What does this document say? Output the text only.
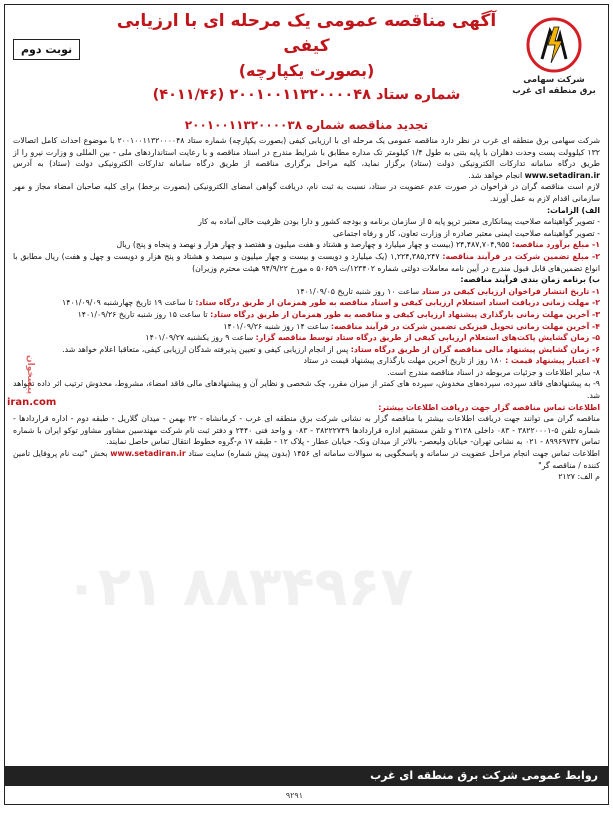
شرکت سهامی
برق منطقه ای غرب
آگهی مناقصه عمومی یک مرحله ای با ارزیابی کیفی
(بصورت یکپارچه)
شماره ستاد ۲۰۰۱۰۰۱۱۳۲۰۰۰۰۴۸ (۴۰۱۱/۴۶)
نوبت دوم
تجدید مناقصه شماره ۲۰۰۱۰۰۱۱۳۲۰۰۰۰۳۸

شرکت سهامی برق منطقه ای غرب در نظر دارد مناقصه عمومی یک مرحله ای با ارزیابی کیفی (بصورت یکپارچه) شماره ستاد ۲۰۰۱۰۰۱۱۳۲۰۰۰۰۴۸ با موضوع احداث کامل اتصالات ۱۳۲ کیلوولت پست وحدت دهلران با پایه بتنی به طول ۱/۴ کیلومتر تک مداره مطابق با شرایط مندرج در اسناد مناقصه و با رعایت استانداردهای ملی - بین المللی و وزارت نیرو را از طریق درگاه سامانه تدارکات الکترونیکی دولت (ستاد) برگزار نماید، کلیه مراحل برگزاری مناقصه از طریق درگاه سامانه تدارکات الکترونیکی دولت (ستاد) به آدرس www.setadiran.ir انجام خواهد شد.

لازم است مناقصه گران در فراخوان در صورت عدم عضویت در ستاد، نسبت به ثبت نام، دریافت گواهی امضای الکترونیکی (بصورت برخط) برای کلیه صاحبان امضاء مجاز و مهر سازمانی اقدام لازم به عمل آورند.

الف) الزامات:

- تصویر گواهینامه صلاحیت پیمانکاری معتبر ترپو پایه ۵ از سازمان برنامه و بودجه کشور و دارا بودن ظرفیت خالی آماده به کار

- تصویر گواهینامه صلاحیت ایمنی معتبر صادره از وزارت تعاون، کار و رفاه اجتماعی

۱- مبلغ برآورد مناقصه: ۲۴,۴۸۷,۷۰۴,۹۵۵ (بیست و چهار میلیارد و چهارصد و هشتاد و هفت میلیون و هفتصد و چهار هزار و نهصد و پنجاه و پنج) ریال

۲- مبلغ تضمین شرکت در فرآیند مناقصه: ۱,۲۲۴,۳۸۵,۲۴۷ (یک میلیارد و دویست و بیست و چهار میلیون و سیصد و هشتاد و پنج هزار و دویست و چهل و هفت) ریال مطابق با انواع تضمین‌های قابل قبول مندرج در آیین نامه معاملات دولتی شماره ۱۲۳۴۰۲/ت ۵۰۶۵۹ ه مورخ ۹۴/۹/۲۲ هیئت محترم وزیران)

ب) برنامه زمان بندی فرآیند مناقصه:

۱- تاریخ انتشار فراخوان ارزیابی کیفی در ستاد ساعت ۱۰ روز شنبه تاریخ ۱۴۰۱/۰۹/۰۵

۲- مهلت زمانی دریافت اسناد استعلام ارزیابی کیفی و اسناد مناقصه به طور همزمان از طریق درگاه ستاد: تا ساعت ۱۹ تاریخ چهارشنبه ۱۴۰۱/۰۹/۰۹

۳- آخرین مهلت زمانی بارگذاری پیشنهاد ارزیابی کیفی و مناقصه به طور همزمان از طریق درگاه ستاد: تا ساعت ۱۵ روز شنبه تاریخ ۱۴۰۱/۰۹/۲۶

۴- آخرین مهلت زمانی تحویل فیزیکی تضمین شرکت در فرآیند مناقصه: ساعت ۱۴ روز شنبه ۱۴۰۱/۰۹/۲۶

۵- زمان گشایش پاکت‌های استعلام ارزیابی کیفی از طریق درگاه ستاد توسط مناقصه گزار: ساعت ۹ روز یکشنبه ۱۴۰۱/۰۹/۲۷

۶- زمان گشایش پیشنهاد مالی مناقصه گران از طریق درگاه ستاد: پس از انجام ارزیابی کیفی و تعیین پذیرفته شدگان ارزیابی کیفی، متعاقبا اعلام خواهد شد.

۷- اعتبار پیشنهاد قیمت : ۱۸۰ روز از تاریخ آخرین مهلت بارگذاری پیشنهاد قیمت در ستاد

۸- سایر اطلاعات و جزئیات مربوطه در اسناد مناقصه مندرج است.

۹- به پیشنهادهای فاقد سپرده، سپرده‌های مخدوش، سپرده های کمتر از میزان مقرر، چک شخصی و نظایر آن و پیشنهادهای مالی فاقد امضاء، مشروط، مخدوش ترتیب اثر داده نخواهد شد.

اطلاعات تماس مناقصه گزار جهت دریافت اطلاعات بیشتر:

مناقصه گران می توانند جهت دریافت اطلاعات بیشتر با مناقصه گزار به نشانی شرکت برق منطقه ای غرب - کرمانشاه - ۲۲ بهمن - میدان گلاریل - طبقه دوم - اداره قراردادها - شماره تلفن ۵-۳۸۲۲۰۰۰۱ - ۰۸۳ داخلی ۲۱۲۸ و تلفن مستقیم اداره قراردادها ۳۸۲۲۲۷۴۹ - ۰۸۳ و واحد فنی ۲۴۴۰ و دفتر ثبت نام شرکت مهندسین مشاور مشاور توکو ایران با شماره تماس ۸۹۹۶۹۷۳۷ - ۰۲۱ به نشانی تهران- خیابان ولیعصر- بالاتر از میدان ونک- خیابان عطار - پلاک ۱۲ - طبقه ۱۷ م-گروه خطوط انتقال تماس حاصل نمایند.

اطلاعات تماس جهت انجام مراحل عضویت در سامانه و پاسخگویی به سوالات سامانه ای ۱۴۵۶ (بدون پیش شماره) سایت ستاد www.setadiran.ir بخش "ثبت نام پروفایل تامین کننده / مناقصه گر"

م الف: ۲۱۲۷

پیشخوان
iran.com
۰۲۱ ۸۸۳۴۹۶۷
روابط عمومی شرکت برق منطقه ای غرب
۹۲۹۱
